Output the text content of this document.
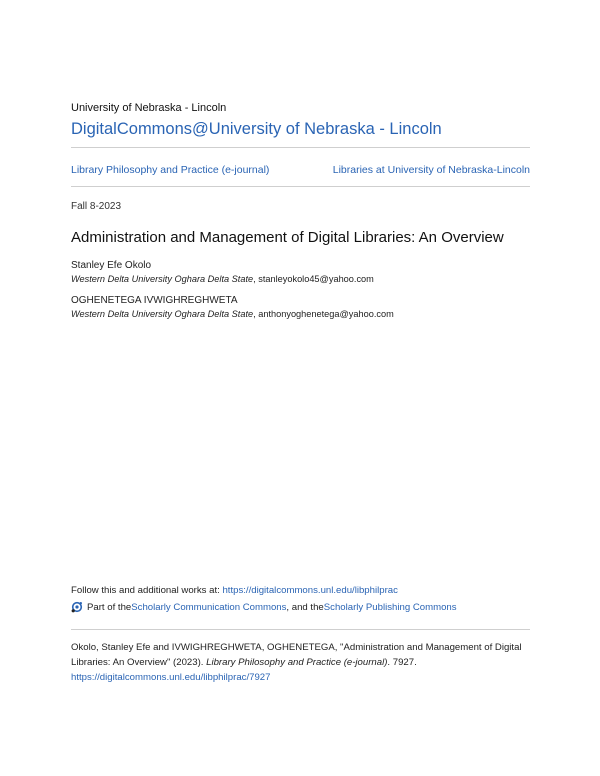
University of Nebraska - Lincoln
DigitalCommons@University of Nebraska - Lincoln
Library Philosophy and Practice (e-journal)	Libraries at University of Nebraska-Lincoln
Fall 8-2023
Administration and Management of Digital Libraries: An Overview
Stanley Efe Okolo
Western Delta University Oghara Delta State, stanleyokolo45@yahoo.com
OGHENETEGA IVWIGHREGHWETA
Western Delta University Oghara Delta State, anthonyoghenetega@yahoo.com
Follow this and additional works at: https://digitalcommons.unl.edu/libphilprac
Part of the Scholarly Communication Commons , and the Scholarly Publishing Commons
Okolo, Stanley Efe and IVWIGHREGHWETA, OGHENETEGA, "Administration and Management of Digital Libraries: An Overview" (2023). Library Philosophy and Practice (e-journal). 7927.
https://digitalcommons.unl.edu/libphilprac/7927
